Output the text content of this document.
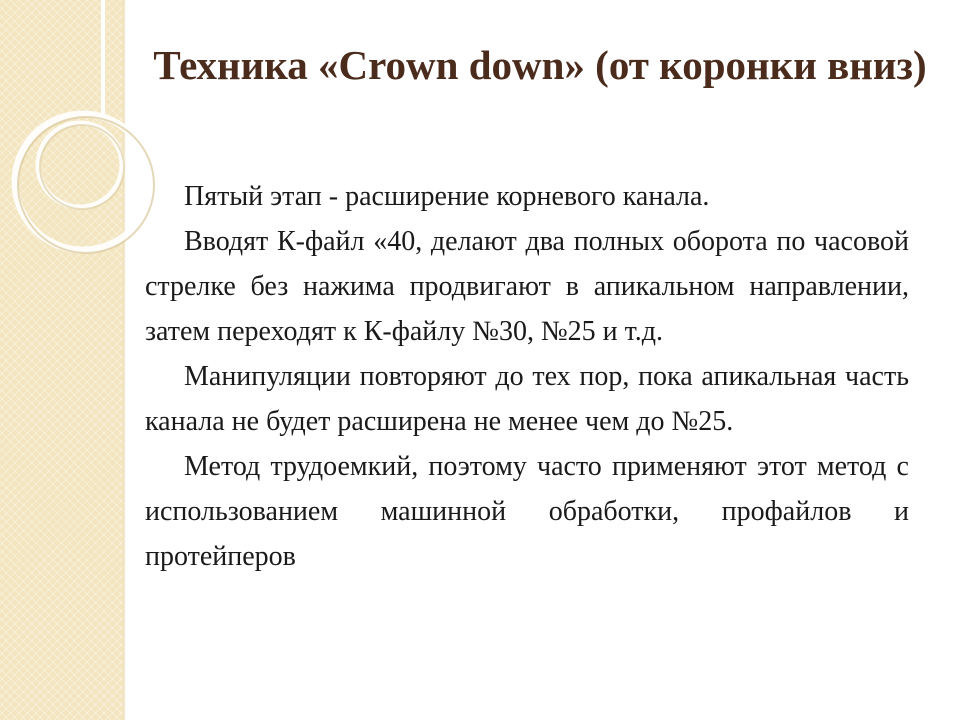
Техника «Crown down» (от коронки вниз)

Пятый этап - расширение корневого канала.

Вводят К-файл «40, делают два полных оборота по часовой стрелке без нажима продвигают в апикальном направлении, затем переходят к К-файлу №30, №25 и т.д.

Манипуляции повторяют до тех пор, пока апикальная часть канала не будет расширена не менее чем до №25.

Метод трудоемкий, поэтому часто применяют этот метод с использованием машинной обработки, профайлов и протейперов
